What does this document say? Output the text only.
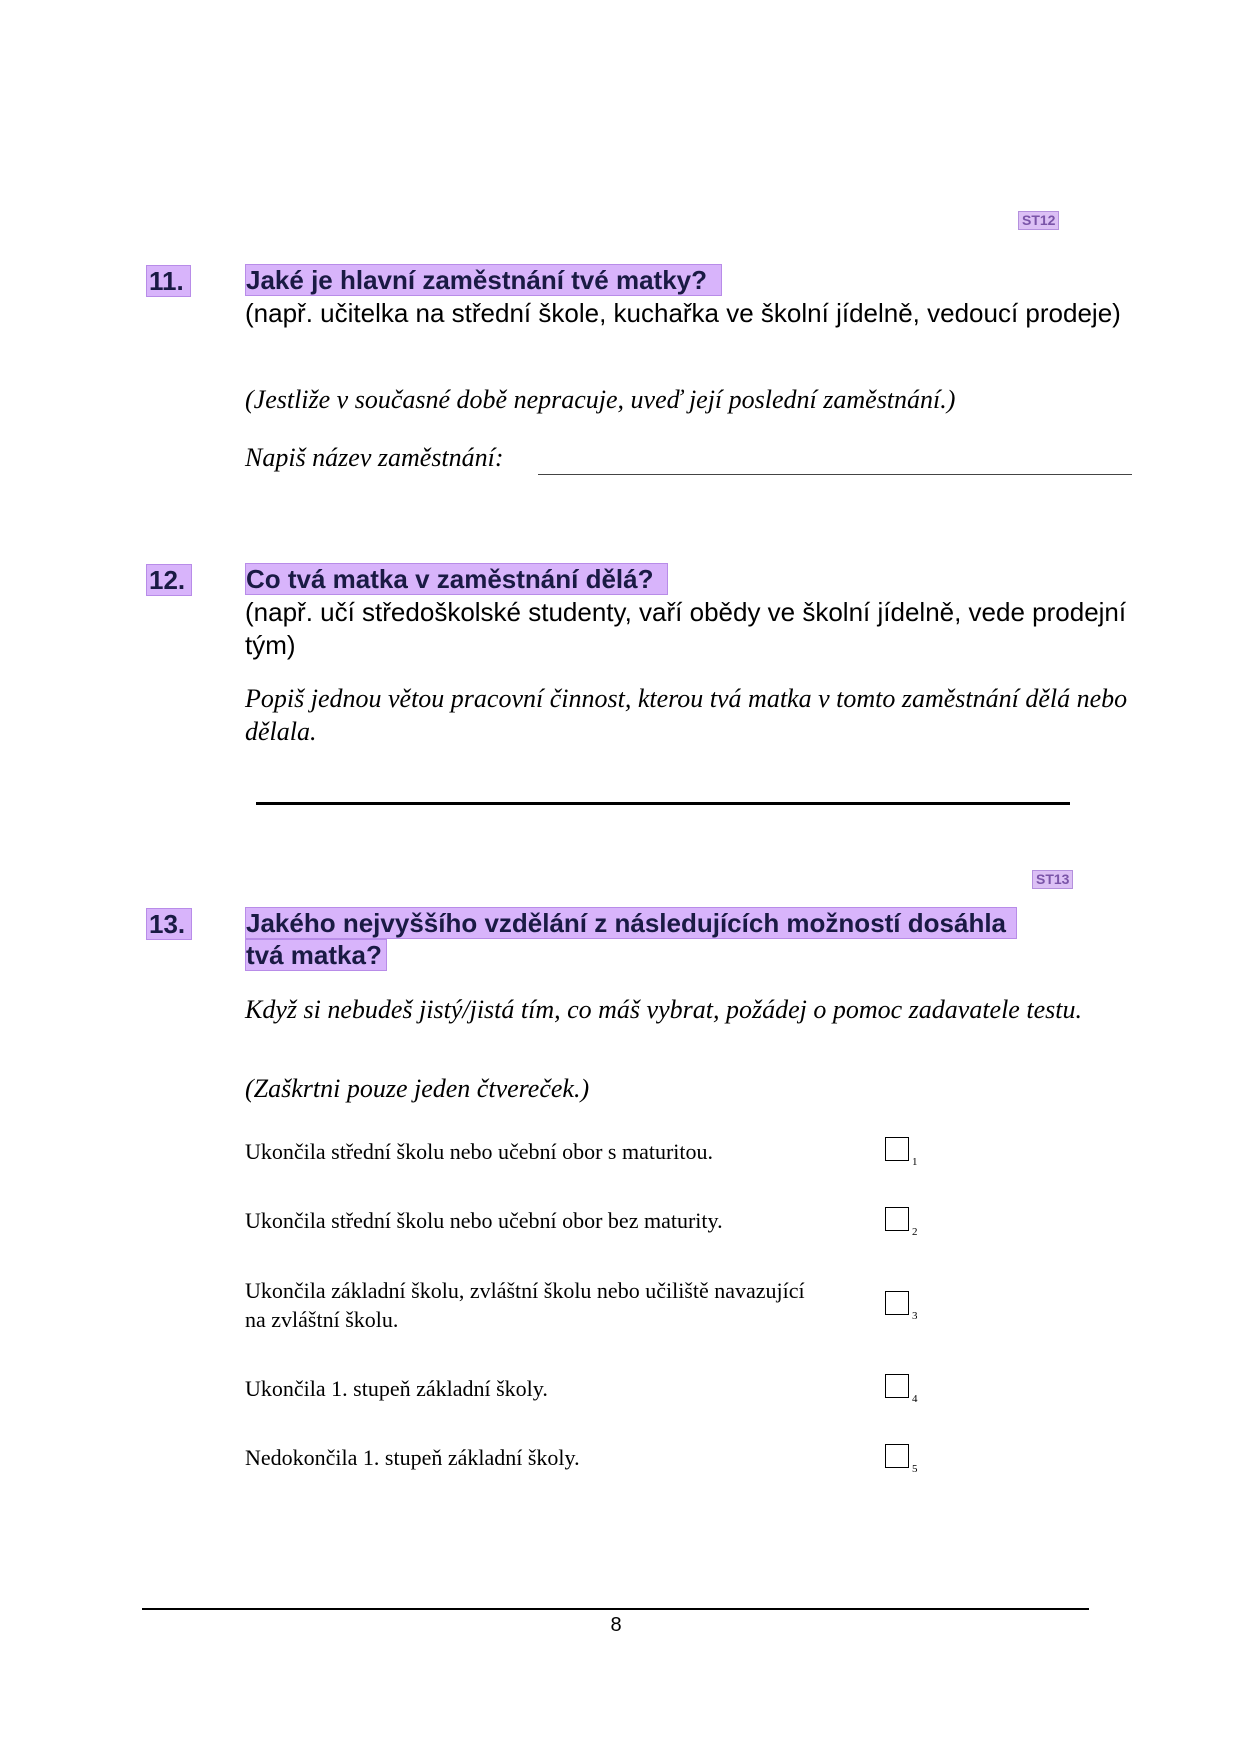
ST12
11. Jaké je hlavní zaměstnání tvé matky?
(např. učitelka na střední škole, kuchařka ve školní jídelně, vedoucí prodeje)
(Jestliže v současné době nepracuje, uveď její poslední zaměstnání.)
Napiš název zaměstnání:
12. Co tvá matka v zaměstnání dělá?
(např. učí středoškolské studenty, vaří obědy ve školní jídelně, vede prodejní tým)
Popiš jednou větou pracovní činnost, kterou tvá matka v tomto zaměstnání dělá nebo dělala.
ST13
13. Jakého nejvyššího vzdělání z následujících možností dosáhla
tvá matka?
Když si nebudeš jistý/jistá tím, co máš vybrat, požádej o pomoc zadavatele testu.
(Zaškrtni pouze jeden čtvereček.)
Ukončila střední školu nebo učební obor s maturitou.	1
Ukončila střední školu nebo učební obor bez maturity.	2
Ukončila základní školu, zvláštní školu nebo učiliště navazující na zvláštní školu.	3
Ukončila 1. stupeň základní školy.	4
Nedokončila 1. stupeň základní školy.	5
8
